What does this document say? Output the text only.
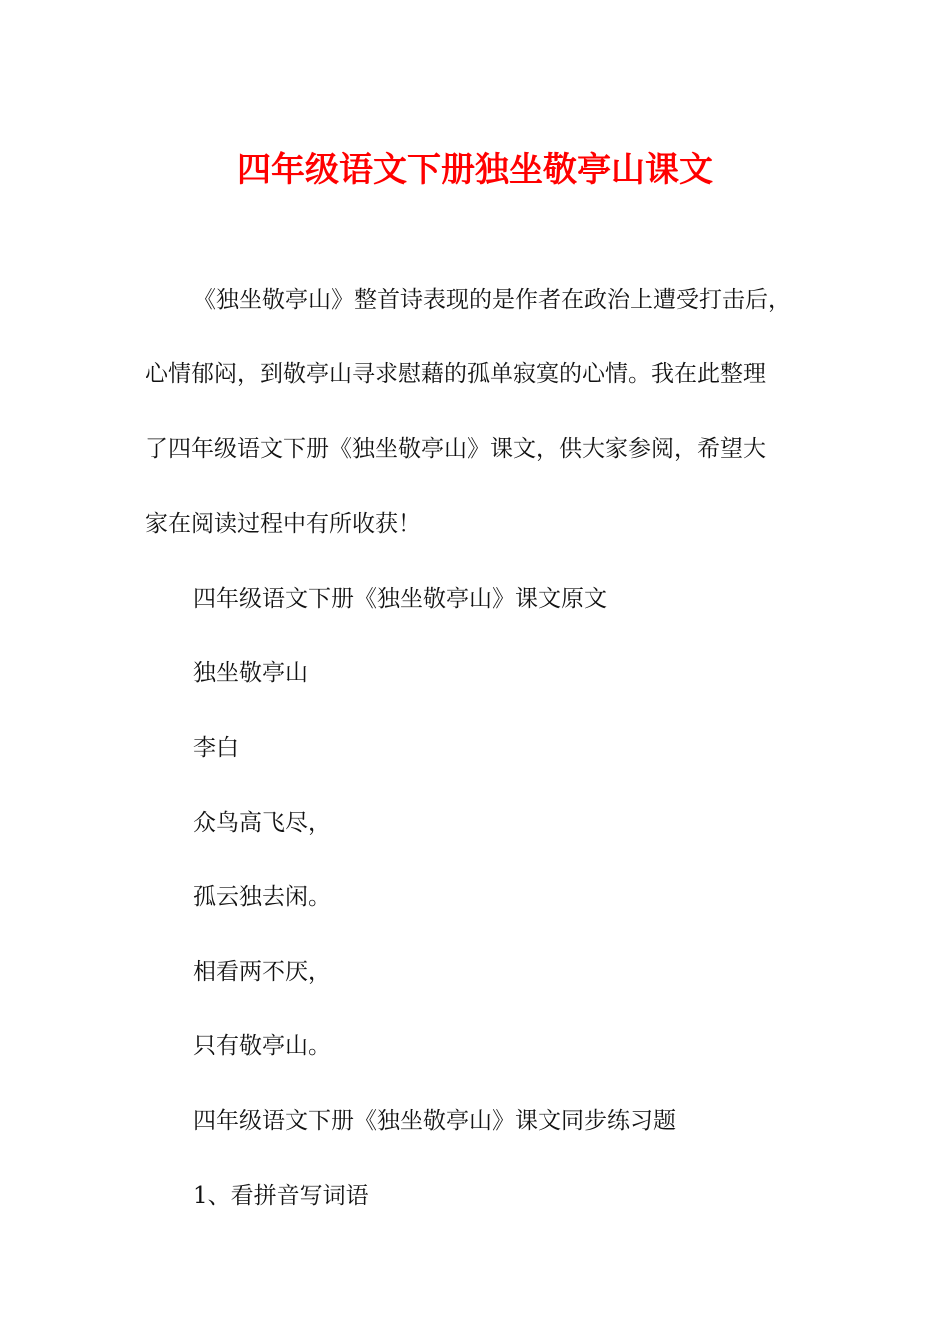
四年级语文下册独坐敬亭山课文

《独坐敬亭山》整首诗表现的是作者在政治上遭受打击后，

心情郁闷，到敬亭山寻求慰藉的孤单寂寞的心情。我在此整理

了四年级语文下册《独坐敬亭山》课文，供大家参阅，希望大

家在阅读过程中有所收获！

四年级语文下册《独坐敬亭山》课文原文

独坐敬亭山

李白

众鸟高飞尽，

孤云独去闲。

相看两不厌，

只有敬亭山。

四年级语文下册《独坐敬亭山》课文同步练习题

1、看拼音写词语
